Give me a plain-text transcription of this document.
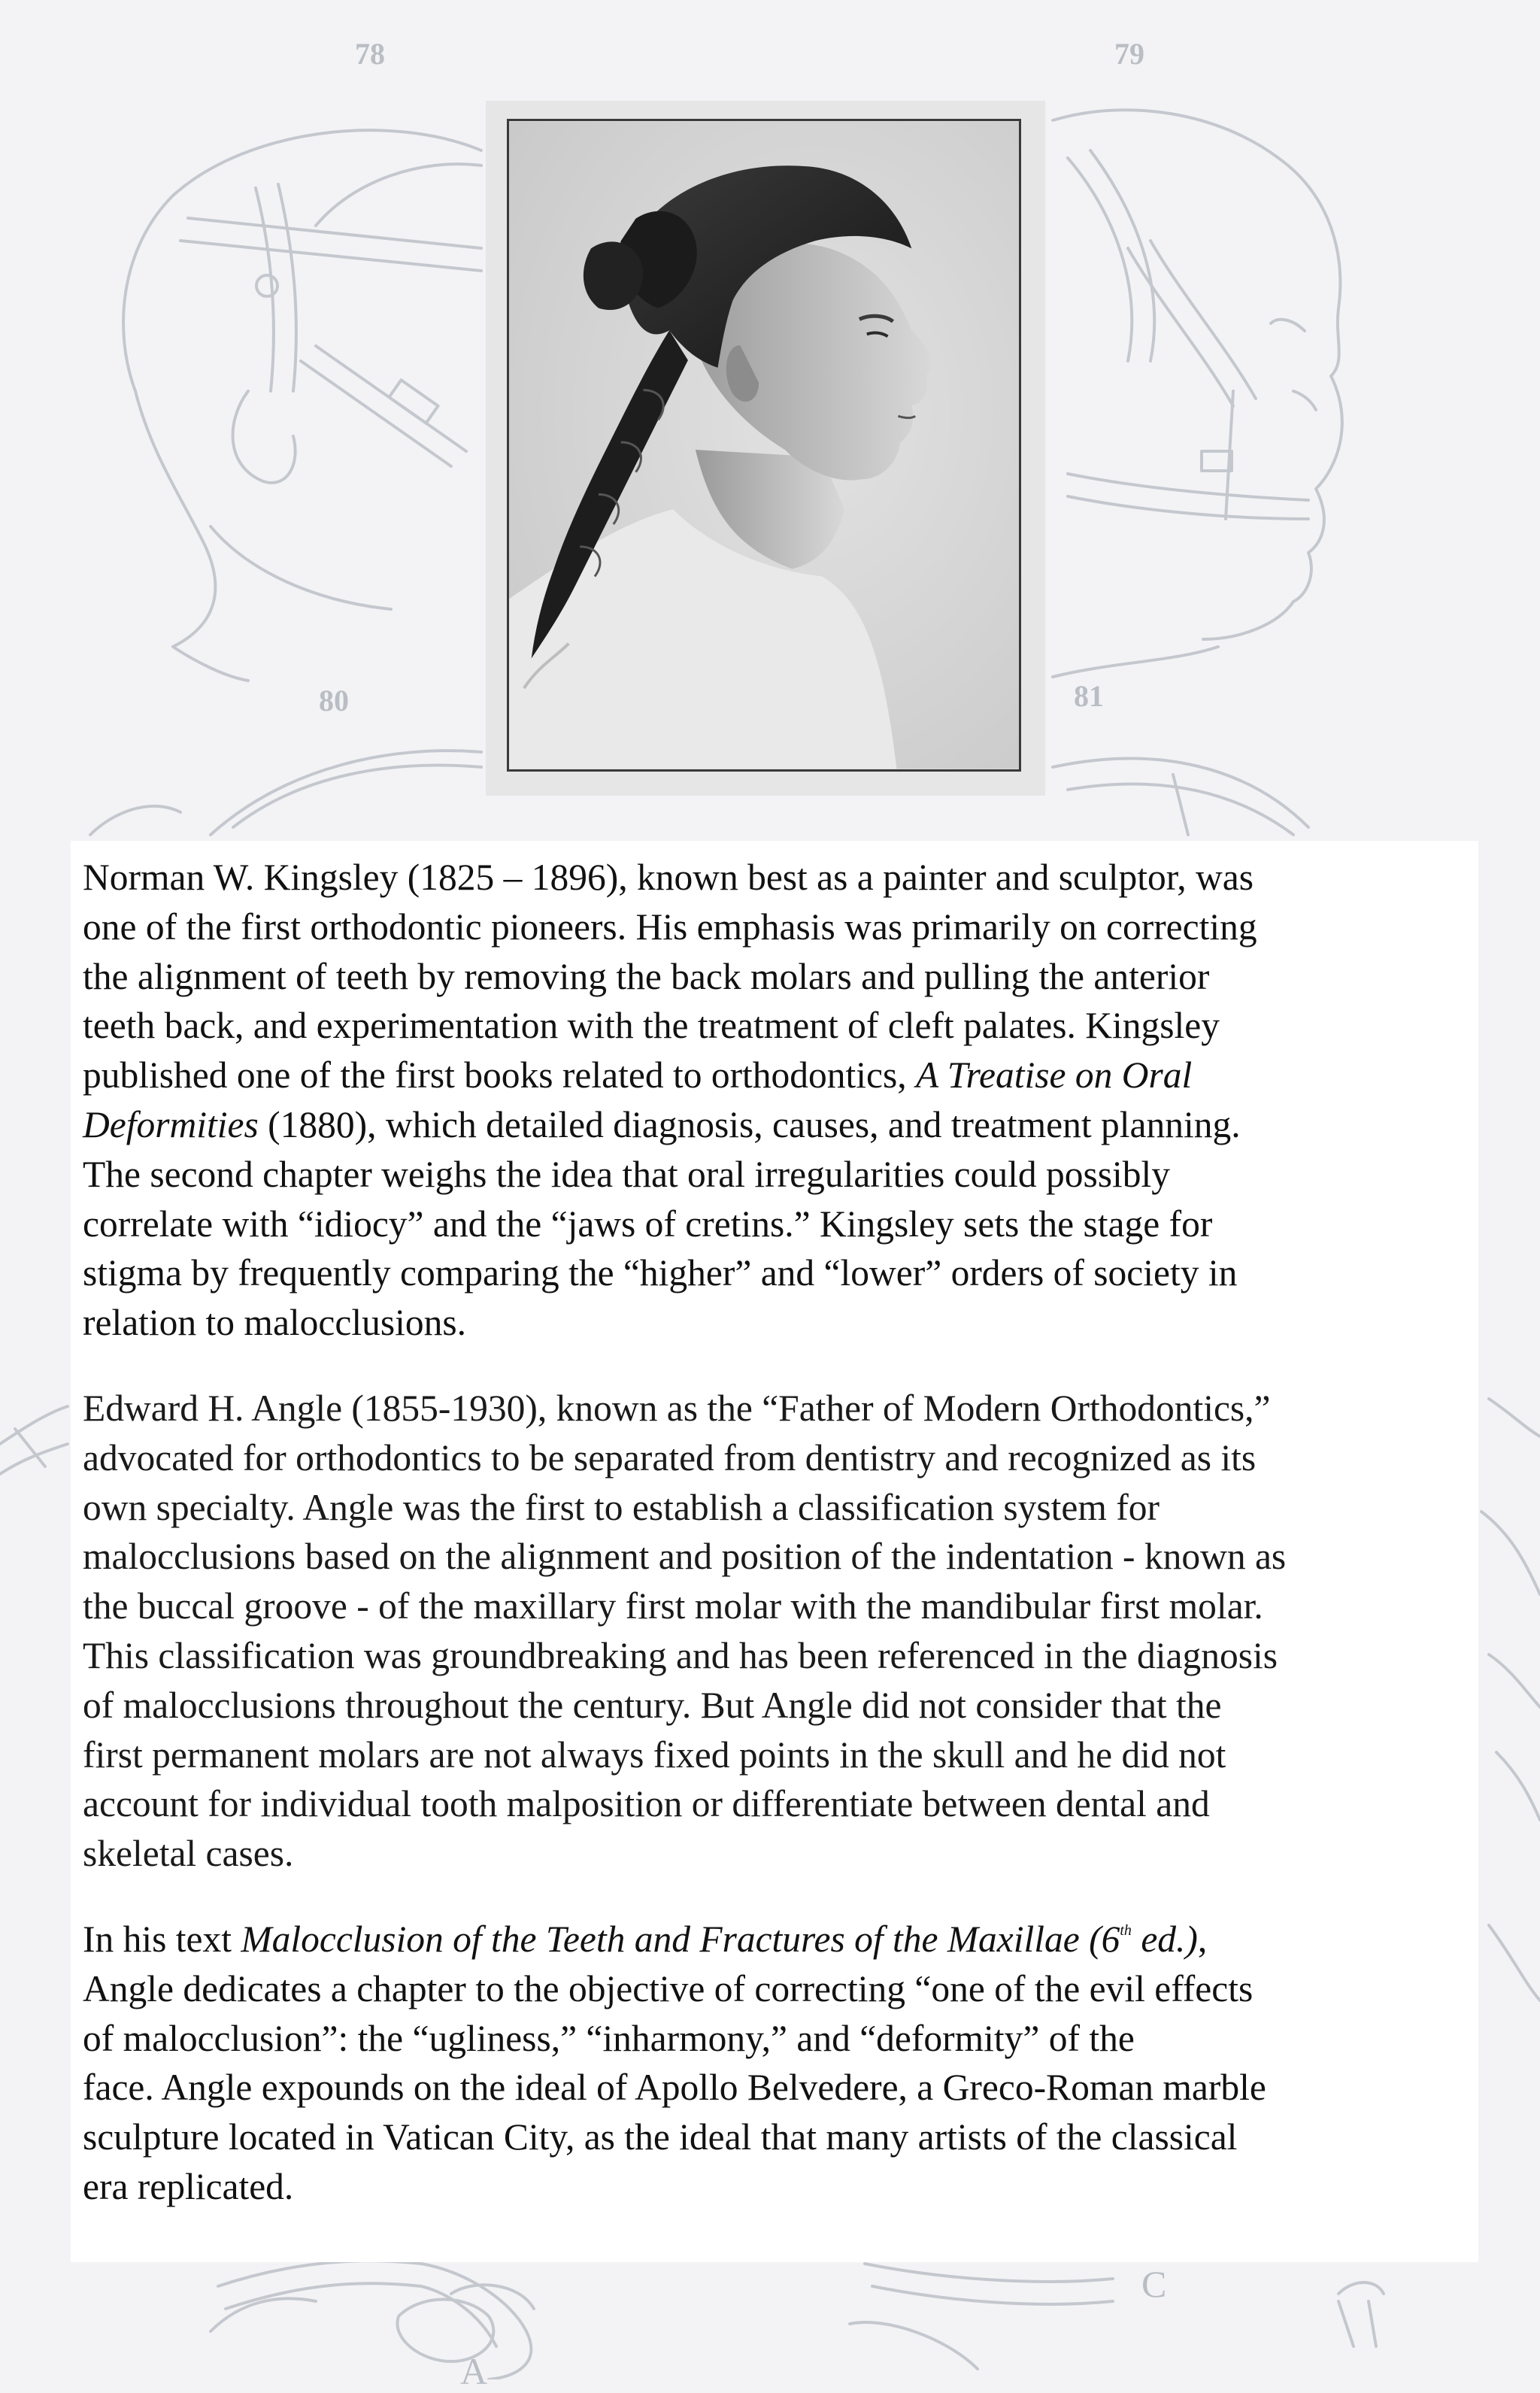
78	79
80	81
C
A

Norman W. Kingsley (1825 – 1896), known best as a painter and sculptor, was
one of the first orthodontic pioneers. His emphasis was primarily on correcting
the alignment of teeth by removing the back molars and pulling the anterior
teeth back, and experimentation with the treatment of cleft palates. Kingsley
published one of the first books related to orthodontics, A Treatise on Oral
Deformities (1880), which detailed diagnosis, causes, and treatment planning.
The second chapter weighs the idea that oral irregularities could possibly
correlate with “idiocy” and the “jaws of cretins.” Kingsley sets the stage for
stigma by frequently comparing the “higher” and “lower” orders of society in
relation to malocclusions.

Edward H. Angle (1855-1930), known as the “Father of Modern Orthodontics,”
advocated for orthodontics to be separated from dentistry and recognized as its
own specialty. Angle was the first to establish a classification system for
malocclusions based on the alignment and position of the indentation - known as
the buccal groove - of the maxillary first molar with the mandibular first molar.
This classification was groundbreaking and has been referenced in the diagnosis
of malocclusions throughout the century. But Angle did not consider that the
first permanent molars are not always fixed points in the skull and he did not
account for individual tooth malposition or differentiate between dental and
skeletal cases.

In his text Malocclusion of the Teeth and Fractures of the Maxillae (6th ed.),
Angle dedicates a chapter to the objective of correcting “one of the evil effects
of malocclusion”: the “ugliness,” “inharmony,” and “deformity” of the
face. Angle expounds on the ideal of Apollo Belvedere, a Greco-Roman marble
sculpture located in Vatican City, as the ideal that many artists of the classical
era replicated.
